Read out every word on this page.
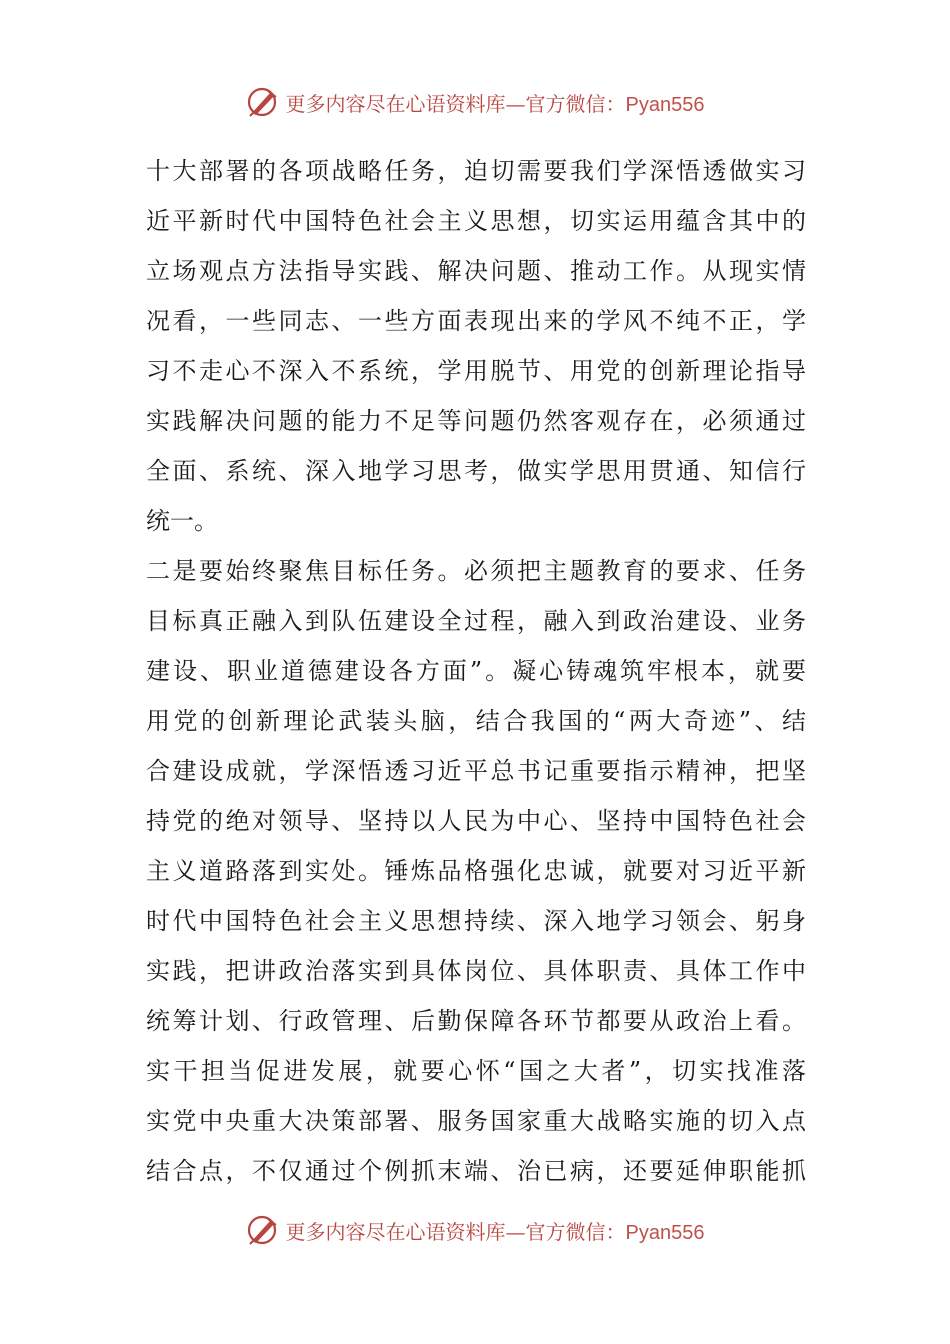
更多内容尽在心语资料库—官方微信：Pyan556
十大部署的各项战略任务，迫切需要我们学深悟透做实习
近平新时代中国特色社会主义思想，切实运用蕴含其中的
立场观点方法指导实践、解决问题、推动工作。从现实情
况看，一些同志、一些方面表现出来的学风不纯不正，学
习不走心不深入不系统，学用脱节、用党的创新理论指导
实践解决问题的能力不足等问题仍然客观存在，必须通过
全面、系统、深入地学习思考，做实学思用贯通、知信行
统一。
二是要始终聚焦目标任务。必须把主题教育的要求、任务
目标真正融入到队伍建设全过程，融入到政治建设、业务
建设、职业道德建设各方面”。凝心铸魂筑牢根本，就要
用党的创新理论武装头脑，结合我国的“两大奇迹”、结
合建设成就，学深悟透习近平总书记重要指示精神，把坚
持党的绝对领导、坚持以人民为中心、坚持中国特色社会
主义道路落到实处。锤炼品格强化忠诚，就要对习近平新
时代中国特色社会主义思想持续、深入地学习领会、躬身
实践，把讲政治落实到具体岗位、具体职责、具体工作中
统筹计划、行政管理、后勤保障各环节都要从政治上看。
实干担当促进发展，就要心怀“国之大者”，切实找准落
实党中央重大决策部署、服务国家重大战略实施的切入点
结合点，不仅通过个例抓末端、治已病，还要延伸职能抓
更多内容尽在心语资料库—官方微信：Pyan556
